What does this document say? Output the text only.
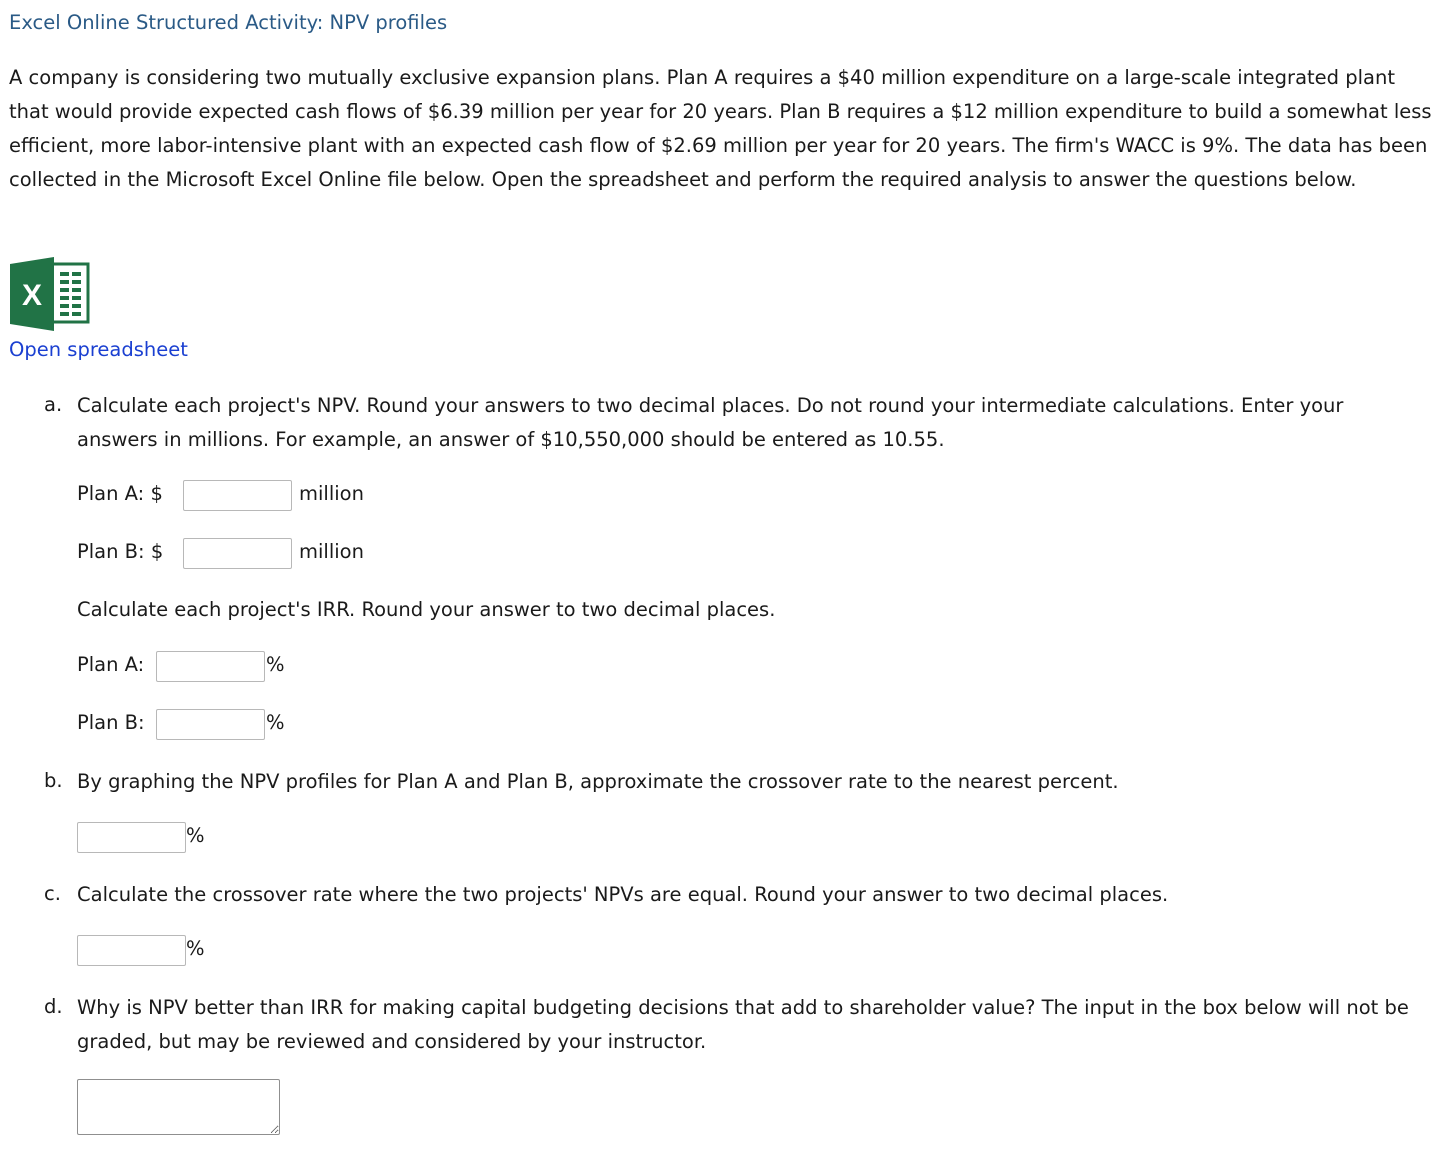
Excel Online Structured Activity: NPV profiles

A company is considering two mutually exclusive expansion plans. Plan A requires a $40 million expenditure on a large-scale integrated plant that would provide expected cash flows of $6.39 million per year for 20 years. Plan B requires a $12 million expenditure to build a somewhat less efficient, more labor-intensive plant with an expected cash flow of $2.69 million per year for 20 years. The firm's WACC is 9%. The data has been collected in the Microsoft Excel Online file below. Open the spreadsheet and perform the required analysis to answer the questions below.

X
Open spreadsheet
a. Calculate each project's NPV. Round your answers to two decimal places. Do not round your intermediate calculations. Enter your answers in millions. For example, an answer of $10,550,000 should be entered as 10.55.

Plan A: $	million
Plan B: $	million
Calculate each project's IRR. Round your answer to two decimal places.
Plan A:	%
Plan B:	%
b. By graphing the NPV profiles for Plan A and Plan B, approximate the crossover rate to the nearest percent.

%
c. Calculate the crossover rate where the two projects' NPVs are equal. Round your answer to two decimal places.

%
d. Why is NPV better than IRR for making capital budgeting decisions that add to shareholder value? The input in the box below will not be graded, but may be reviewed and considered by your instructor.
